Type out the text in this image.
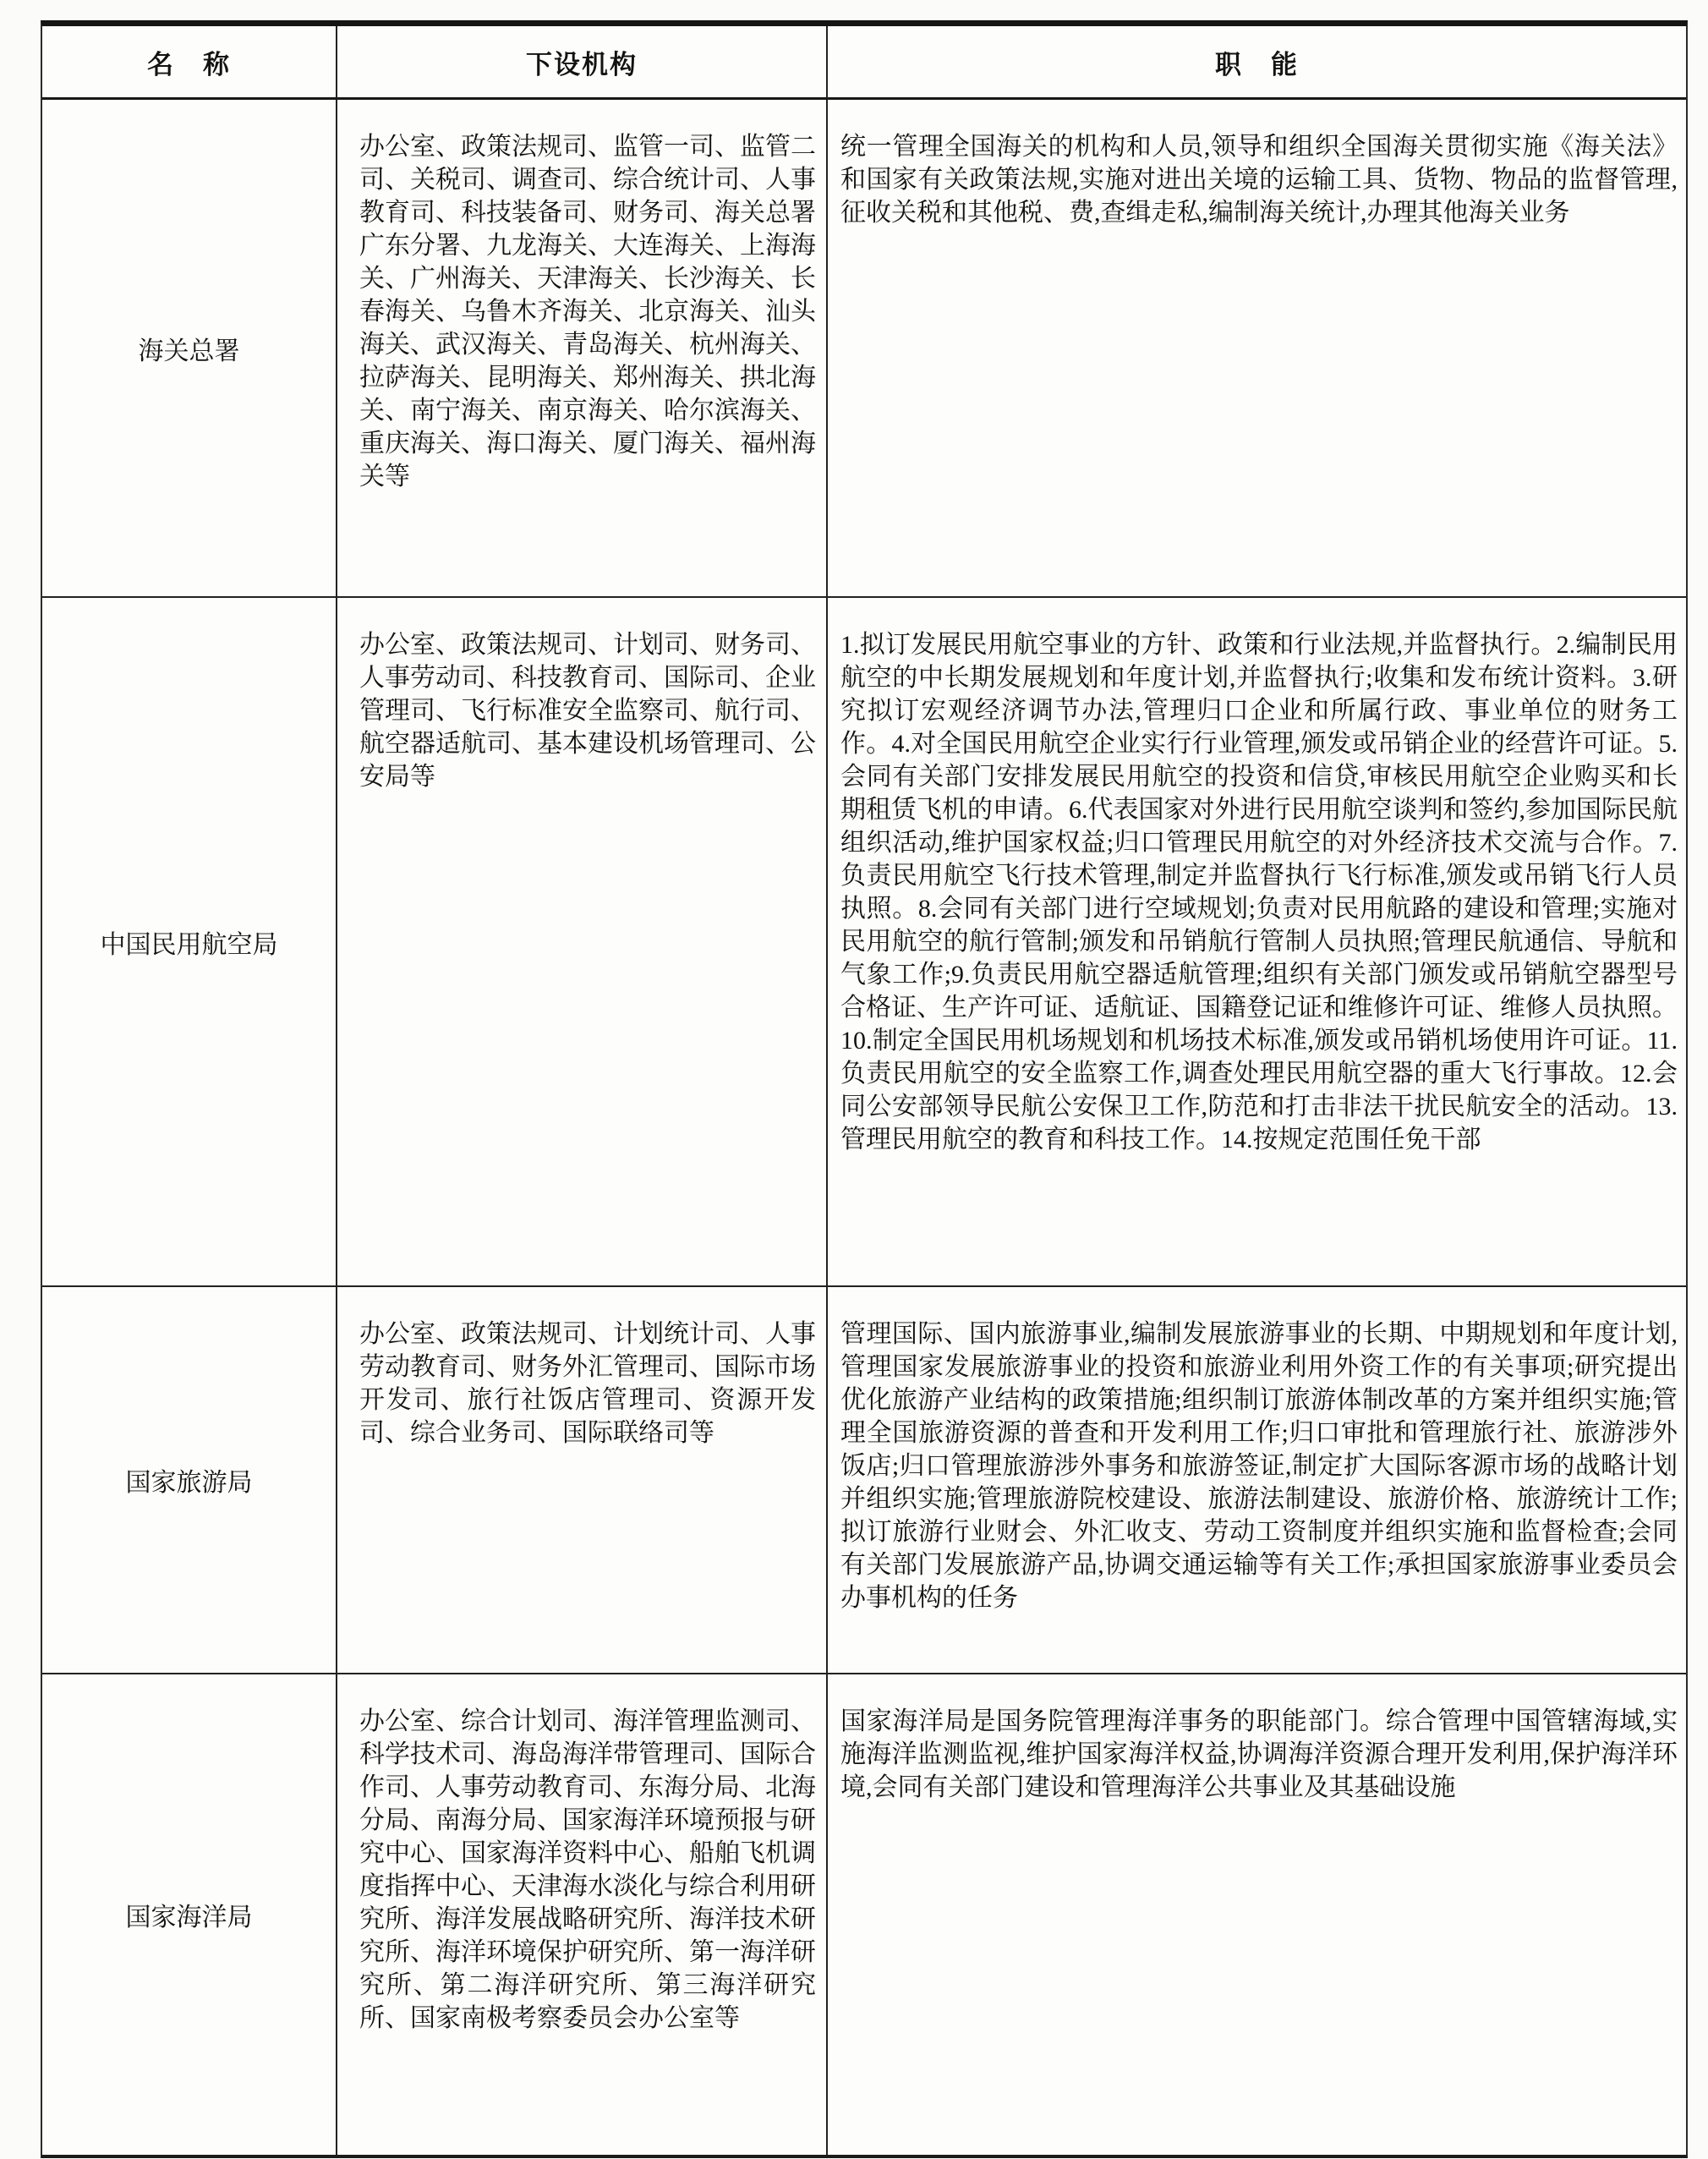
名　称	下设机构	职　能
海关总署
办公室、政策法规司、监管一司、监管二司、关税司、调查司、综合统计司、人事教育司、科技装备司、财务司、海关总署广东分署、九龙海关、大连海关、上海海关、广州海关、天津海关、长沙海关、长春海关、乌鲁木齐海关、北京海关、汕头海关、武汉海关、青岛海关、杭州海关、拉萨海关、昆明海关、郑州海关、拱北海关、南宁海关、南京海关、哈尔滨海关、重庆海关、海口海关、厦门海关、福州海关等
统一管理全国海关的机构和人员,领导和组织全国海关贯彻实施《海关法》和国家有关政策法规,实施对进出关境的运输工具、货物、物品的监督管理,征收关税和其他税、费,查缉走私,编制海关统计,办理其他海关业务
中国民用航空局
办公室、政策法规司、计划司、财务司、人事劳动司、科技教育司、国际司、企业管理司、飞行标准安全监察司、航行司、航空器适航司、基本建设机场管理司、公安局等
1.拟订发展民用航空事业的方针、政策和行业法规,并监督执行。2.编制民用航空的中长期发展规划和年度计划,并监督执行;收集和发布统计资料。3.研究拟订宏观经济调节办法,管理归口企业和所属行政、事业单位的财务工作。4.对全国民用航空企业实行行业管理,颁发或吊销企业的经营许可证。5.会同有关部门安排发展民用航空的投资和信贷,审核民用航空企业购买和长期租赁飞机的申请。6.代表国家对外进行民用航空谈判和签约,参加国际民航组织活动,维护国家权益;归口管理民用航空的对外经济技术交流与合作。7.负责民用航空飞行技术管理,制定并监督执行飞行标准,颁发或吊销飞行人员执照。8.会同有关部门进行空域规划;负责对民用航路的建设和管理;实施对民用航空的航行管制;颁发和吊销航行管制人员执照;管理民航通信、导航和气象工作;9.负责民用航空器适航管理;组织有关部门颁发或吊销航空器型号合格证、生产许可证、适航证、国籍登记证和维修许可证、维修人员执照。10.制定全国民用机场规划和机场技术标准,颁发或吊销机场使用许可证。11.负责民用航空的安全监察工作,调查处理民用航空器的重大飞行事故。12.会同公安部领导民航公安保卫工作,防范和打击非法干扰民航安全的活动。13.管理民用航空的教育和科技工作。14.按规定范围任免干部
国家旅游局
办公室、政策法规司、计划统计司、人事劳动教育司、财务外汇管理司、国际市场开发司、旅行社饭店管理司、资源开发司、综合业务司、国际联络司等
管理国际、国内旅游事业,编制发展旅游事业的长期、中期规划和年度计划,管理国家发展旅游事业的投资和旅游业利用外资工作的有关事项;研究提出优化旅游产业结构的政策措施;组织制订旅游体制改革的方案并组织实施;管理全国旅游资源的普查和开发利用工作;归口审批和管理旅行社、旅游涉外饭店;归口管理旅游涉外事务和旅游签证,制定扩大国际客源市场的战略计划并组织实施;管理旅游院校建设、旅游法制建设、旅游价格、旅游统计工作;拟订旅游行业财会、外汇收支、劳动工资制度并组织实施和监督检查;会同有关部门发展旅游产品,协调交通运输等有关工作;承担国家旅游事业委员会办事机构的任务
国家海洋局
办公室、综合计划司、海洋管理监测司、科学技术司、海岛海洋带管理司、国际合作司、人事劳动教育司、东海分局、北海分局、南海分局、国家海洋环境预报与研究中心、国家海洋资料中心、船舶飞机调度指挥中心、天津海水淡化与综合利用研究所、海洋发展战略研究所、海洋技术研究所、海洋环境保护研究所、第一海洋研究所、第二海洋研究所、第三海洋研究所、国家南极考察委员会办公室等
国家海洋局是国务院管理海洋事务的职能部门。综合管理中国管辖海域,实施海洋监测监视,维护国家海洋权益,协调海洋资源合理开发利用,保护海洋环境,会同有关部门建设和管理海洋公共事业及其基础设施
